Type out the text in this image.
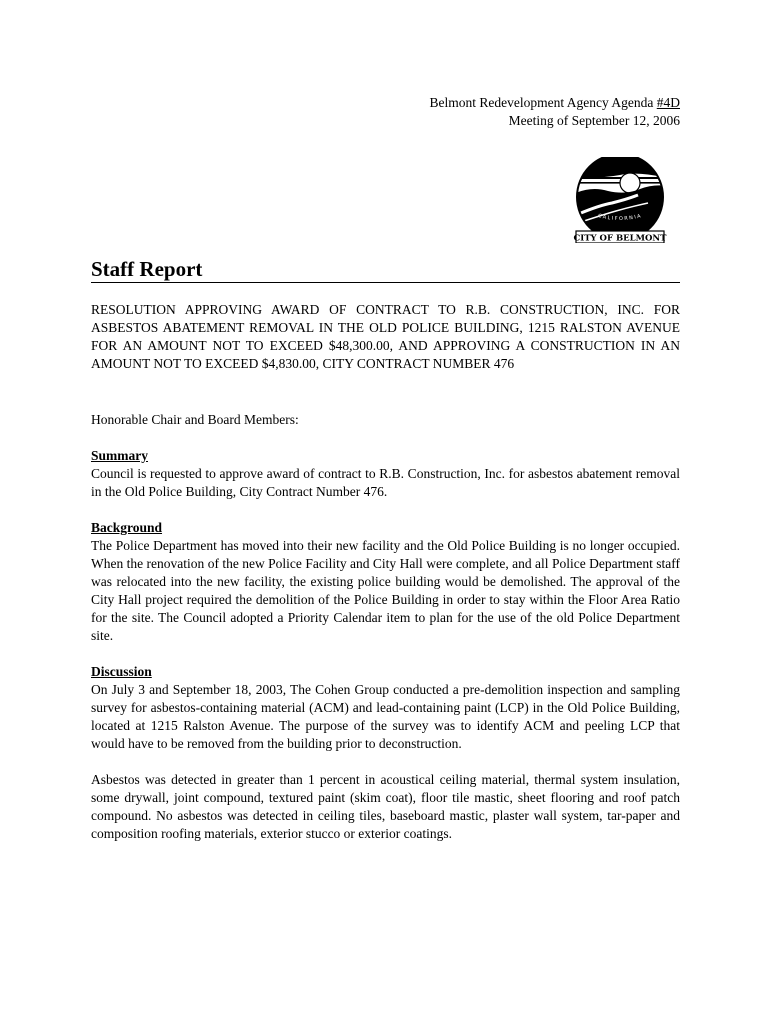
Belmont Redevelopment Agency Agenda #4D
Meeting of September 12, 2006
CALIFORNIA
CITY OF BELMONT
Staff Report

RESOLUTION APPROVING AWARD OF CONTRACT TO R.B. CONSTRUCTION, INC. FOR ASBESTOS ABATEMENT REMOVAL IN THE OLD POLICE BUILDING, 1215 RALSTON AVENUE FOR AN AMOUNT NOT TO EXCEED $48,300.00, AND APPROVING A CONSTRUCTION IN AN AMOUNT NOT TO EXCEED $4,830.00, CITY CONTRACT NUMBER 476

Honorable Chair and Board Members:

Summary
Council is requested to approve award of contract to R.B. Construction, Inc. for asbestos abatement removal in the Old Police Building, City Contract Number 476.
Background
The Police Department has moved into their new facility and the Old Police Building is no longer occupied. When the renovation of the new Police Facility and City Hall were complete, and all Police Department staff was relocated into the new facility, the existing police building would be demolished. The approval of the City Hall project required the demolition of the Police Building in order to stay within the Floor Area Ratio for the site. The Council adopted a Priority Calendar item to plan for the use of the old Police Department site.
Discussion
On July 3 and September 18, 2003, The Cohen Group conducted a pre-demolition inspection and sampling survey for asbestos-containing material (ACM) and lead-containing paint (LCP) in the Old Police Building, located at 1215 Ralston Avenue. The purpose of the survey was to identify ACM and peeling LCP that would have to be removed from the building prior to deconstruction.

Asbestos was detected in greater than 1 percent in acoustical ceiling material, thermal system insulation, some drywall, joint compound, textured paint (skim coat), floor tile mastic, sheet flooring and roof patch compound. No asbestos was detected in ceiling tiles, baseboard mastic, plaster wall system, tar-paper and composition roofing materials, exterior stucco or exterior coatings.
